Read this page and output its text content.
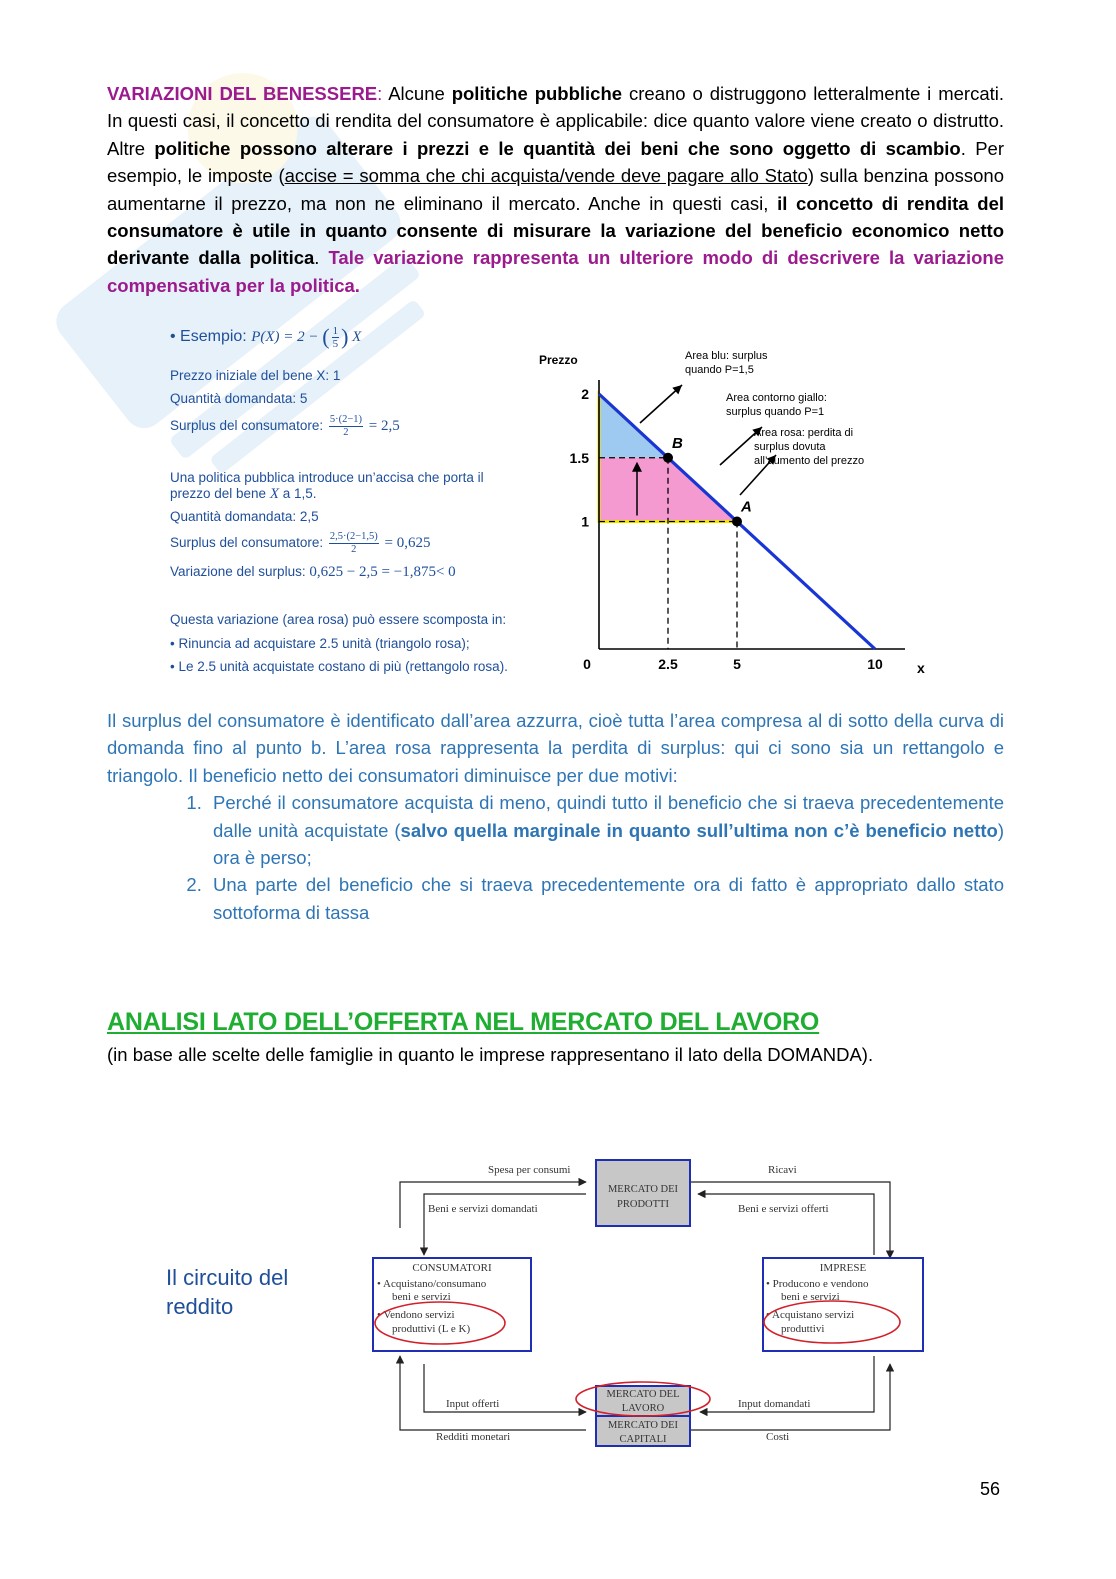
VARIAZIONI DEL BENESSERE: Alcune politiche pubbliche creano o distruggono letteralmente i mercati. In questi casi, il concetto di rendita del consumatore è applicabile: dice quanto valore viene creato o distrutto. Altre politiche possono alterare i prezzi e le quantità dei beni che sono oggetto di scambio. Per esempio, le imposte (accise = somma che chi acquista/vende deve pagare allo Stato) sulla benzina possono aumentarne il prezzo, ma non ne eliminano il mercato. Anche in questi casi, il concetto di rendita del consumatore è utile in quanto consente di misurare la variazione del beneficio economico netto derivante dalla politica. Tale variazione rappresenta un ulteriore modo di descrivere la variazione compensativa per la politica.

• Esempio: P(X) = 2 − ( $\frac{1}{5}$ ) X
Prezzo iniziale del bene X: 1
Quantità domandata: 5
Surplus del consumatore: $\frac{5\cdot(2-1)}{2} = 2,5$
Una politica pubblica introduce un’accisa che porta il
prezzo del bene X a 1,5.
Quantità domandata: 2,5
Surplus del consumatore: $\frac{2,5\cdot(2-1,5)}{2} = 0,625$
Variazione del surplus: 0,625 − 2,5 = −1,875< 0
Questa variazione (area rosa) può essere scomposta in:
• Rinuncia ad acquistare 2.5 unità (triangolo rosa);
• Le 2.5 unità acquistate costano di più (rettangolo rosa).
B
A
1
1.5
2
0	2.5	5	10
Prezzo
x
Area blu: surplus
quando P=1,5
Area contorno giallo:
surplus quando P=1
Area rosa: perdita di
surplus dovuta
all’aumento del prezzo
Il surplus del consumatore è identificato dall’area azzurra, cioè tutta l’area compresa al di sotto della curva di domanda fino al punto b. L’area rosa rappresenta la perdita di surplus: qui ci sono sia un rettangolo e triangolo. Il beneficio netto dei consumatori diminuisce per due motivi:
1. Perché il consumatore acquista di meno, quindi tutto il beneficio che si traeva precedentemente dalle unità acquistate (salvo quella marginale in quanto sull’ultima non c’è beneficio netto) ora è perso;
2. Una parte del beneficio che si traeva precedentemente ora di fatto è appropriato dallo stato sottoforma di tassa
ANALISI LATO DELL’OFFERTA NEL MERCATO DEL LAVORO
(in base alle scelte delle famiglie in quanto le imprese rappresentano il lato della DOMANDA).
Il circuito del
reddito
Spesa per consumi
Beni e servizi domandati
Ricavi
Beni e servizi offerti
MERCATO DEI
PRODOTTI
CONSUMATORI
• Acquistano/consumano
beni e servizi
• Vendono servizi
produttivi (L e K)
IMPRESE
• Producono e vendono
beni e servizi
• Acquistano servizi
produttivi
Input offerti
Redditi monetari
Input domandati
Costi
MERCATO DEL
LAVORO
MERCATO DEI
CAPITALI
56
